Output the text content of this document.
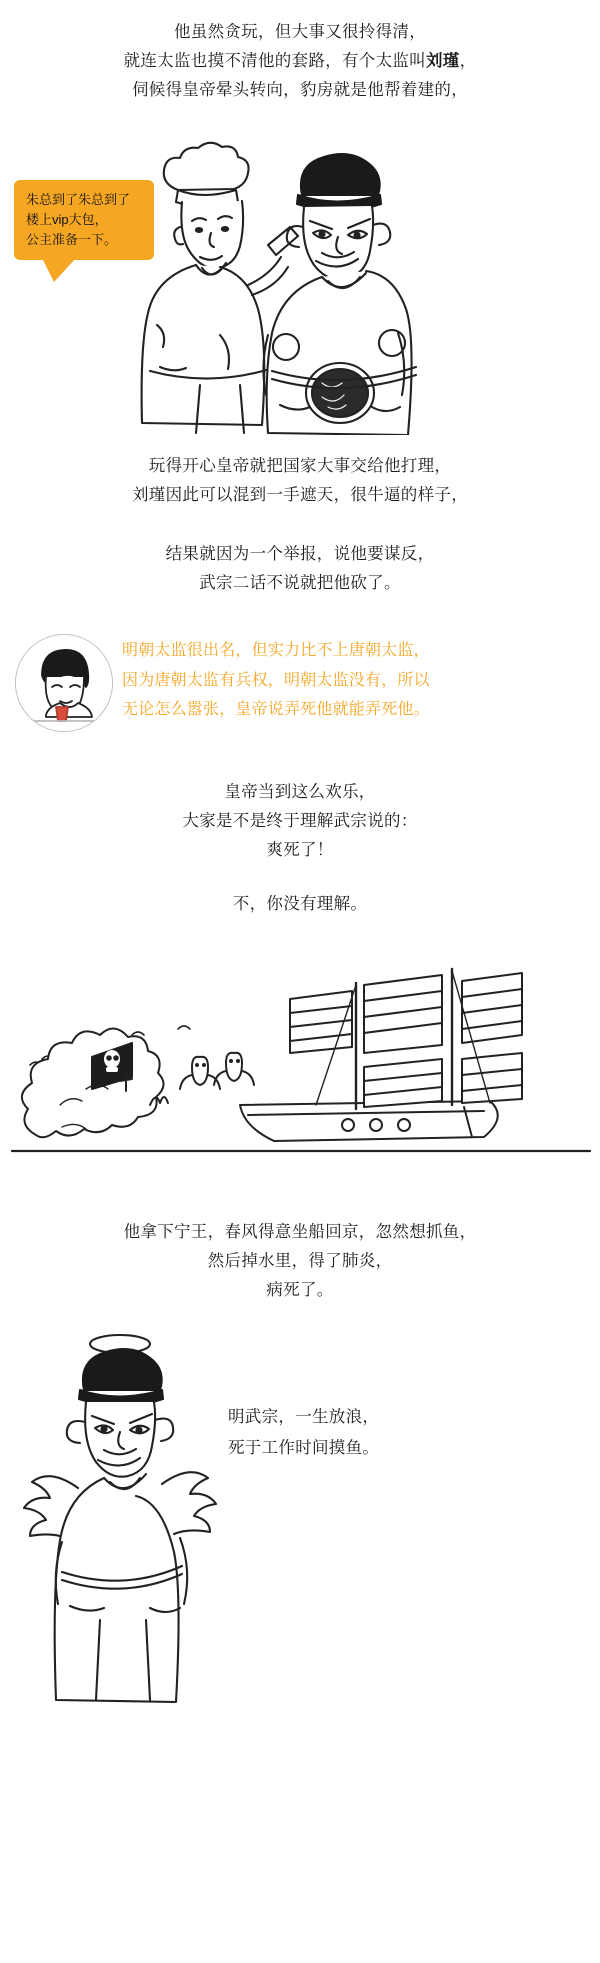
他虽然贪玩，但大事又很拎得清，
就连太监也摸不清他的套路，有个太监叫刘瑾，
伺候得皇帝晕头转向，豹房就是他帮着建的，
朱总到了朱总到了
楼上vip大包，
公主准备一下。
玩得开心皇帝就把国家大事交给他打理，
刘瑾因此可以混到一手遮天，很牛逼的样子，
结果就因为一个举报，说他要谋反，
武宗二话不说就把他砍了。
明朝太监很出名，但实力比不上唐朝太监，
因为唐朝太监有兵权，明朝太监没有，所以
无论怎么嚣张，皇帝说弄死他就能弄死他。
皇帝当到这么欢乐，
大家是不是终于理解武宗说的：
爽死了！
不，你没有理解。
他拿下宁王，春风得意坐船回京，忽然想抓鱼，
然后掉水里，得了肺炎，
病死了。
明武宗，一生放浪，
死于工作时间摸鱼。
